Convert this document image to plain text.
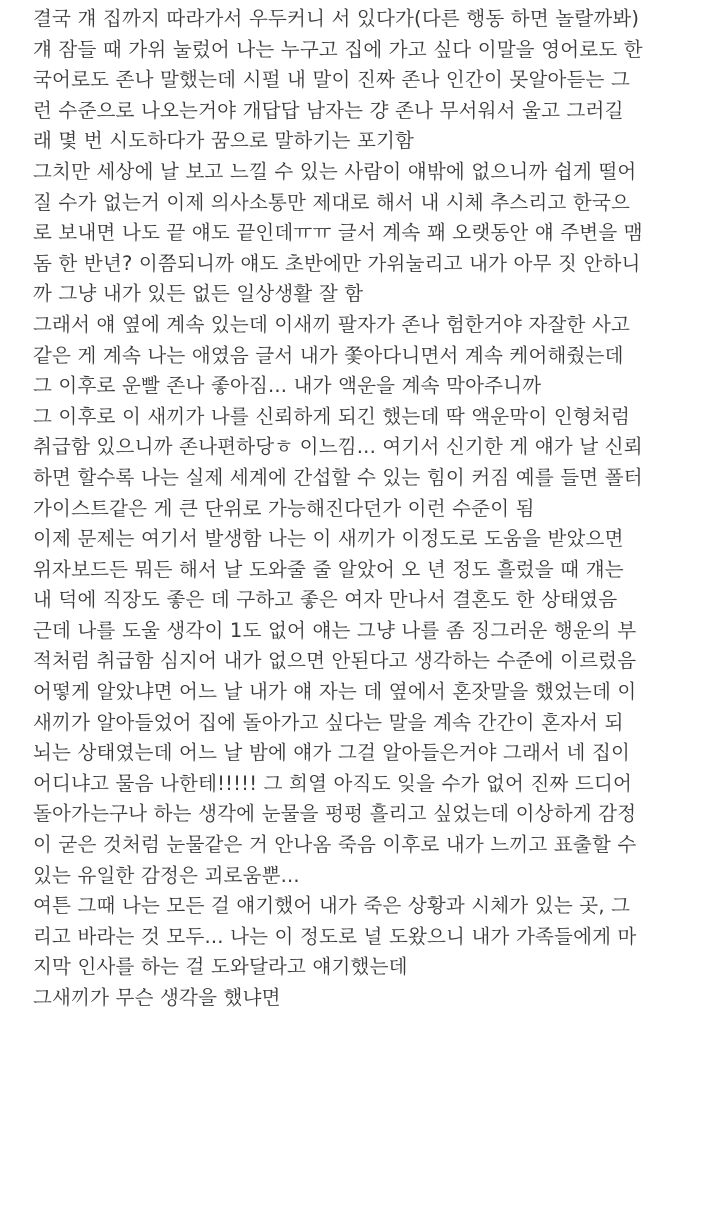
결국 걔 집까지 따라가서 우두커니 서 있다가(다른 행동 하면 놀랄까봐)
걔 잠들 때 가위 눌렀어 나는 누구고 집에 가고 싶다 이말을 영어로도 한
국어로도 존나 말했는데 시펄 내 말이 진짜 존나 인간이 못알아듣는 그
런 수준으로 나오는거야 개답답 남자는 걍 존나 무서워서 울고 그러길
래 몇 번 시도하다가 꿈으로 말하기는 포기함
그치만 세상에 날 보고 느낄 수 있는 사람이 얘밖에 없으니까 쉽게 떨어
질 수가 없는거 이제 의사소통만 제대로 해서 내 시체 추스리고 한국으
로 보내면 나도 끝 얘도 끝인데ㅠㅠ 글서 계속 꽤 오랫동안 얘 주변을 맴
돔 한 반년? 이쯤되니까 얘도 초반에만 가위눌리고 내가 아무 짓 안하니
까 그냥 내가 있든 없든 일상생활 잘 함
그래서 얘 옆에 계속 있는데 이새끼 팔자가 존나 험한거야 자잘한 사고
같은 게 계속 나는 애였음 글서 내가 쫓아다니면서 계속 케어해줬는데
그 이후로 운빨 존나 좋아짐... 내가 액운을 계속 막아주니까
그 이후로 이 새끼가 나를 신뢰하게 되긴 했는데 딱 액운막이 인형처럼
취급함 있으니까 존나편하당ㅎ 이느낌... 여기서 신기한 게 얘가 날 신뢰
하면 할수록 나는 실제 세계에 간섭할 수 있는 힘이 커짐 예를 들면 폴터
가이스트같은 게 큰 단위로 가능해진다던가 이런 수준이 됨
이제 문제는 여기서 발생함 나는 이 새끼가 이정도로 도움을 받았으면
위자보드든 뭐든 해서 날 도와줄 줄 알았어 오 년 정도 흘렀을 때 걔는
내 덕에 직장도 좋은 데 구하고 좋은 여자 만나서 결혼도 한 상태였음
근데 나를 도울 생각이 1도 없어 얘는 그냥 나를 좀 징그러운 행운의 부
적처럼 취급함 심지어 내가 없으면 안된다고 생각하는 수준에 이르렀음
어떻게 알았냐면 어느 날 내가 얘 자는 데 옆에서 혼잣말을 했었는데 이
새끼가 알아들었어 집에 돌아가고 싶다는 말을 계속 간간이 혼자서 되
뇌는 상태였는데 어느 날 밤에 얘가 그걸 알아들은거야 그래서 네 집이
어디냐고 물음 나한테!!!!! 그 희열 아직도 잊을 수가 없어 진짜 드디어
돌아가는구나 하는 생각에 눈물을 펑펑 흘리고 싶었는데 이상하게 감정
이 굳은 것처럼 눈물같은 거 안나옴 죽음 이후로 내가 느끼고 표출할 수
있는 유일한 감정은 괴로움뿐...
여튼 그때 나는 모든 걸 얘기했어 내가 죽은 상황과 시체가 있는 곳, 그
리고 바라는 것 모두... 나는 이 정도로 널 도왔으니 내가 가족들에게 마
지막 인사를 하는 걸 도와달라고 얘기했는데
그새끼가 무슨 생각을 했냐면
